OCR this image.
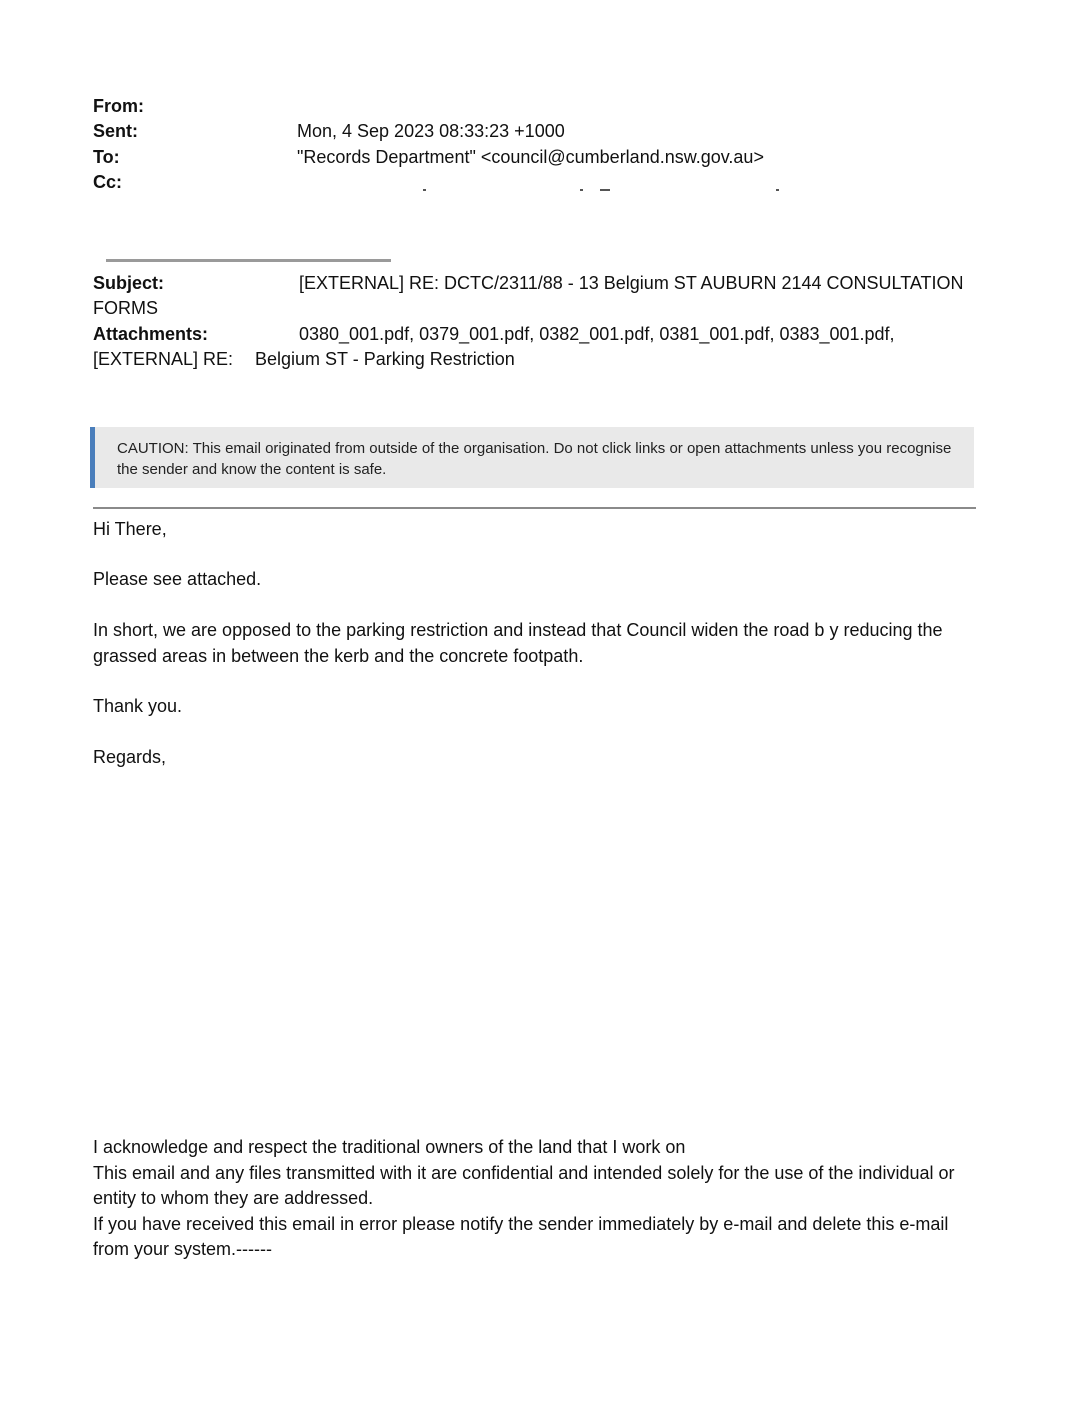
From:
Sent:	Mon, 4 Sep 2023 08:33:23 +1000
To:	"Records Department" <council@cumberland.nsw.gov.au>
Cc:
Subject:	[EXTERNAL] RE: DCTC/2311/88 - 13 Belgium ST AUBURN 2144 CONSULTATION
FORMS
Attachments:	0380_001.pdf, 0379_001.pdf, 0382_001.pdf, 0381_001.pdf, 0383_001.pdf,
[EXTERNAL] RE: Belgium ST - Parking Restriction
CAUTION: This email originated from outside of the organisation. Do not click links or open attachments unless you recognise the sender and know the content is safe.
Hi There,
Please see attached.
In short, we are opposed to the parking restriction and instead that Council widen the road b y reducing the grassed areas in between the kerb and the concrete footpath.
Thank you.
Regards,
I acknowledge and respect the traditional owners of the land that I work on
This email and any files transmitted with it are confidential and intended solely for the use of the individual or entity to whom they are addressed.
If you have received this email in error please notify the sender immediately by e-mail and delete this e-mail from your system.------
